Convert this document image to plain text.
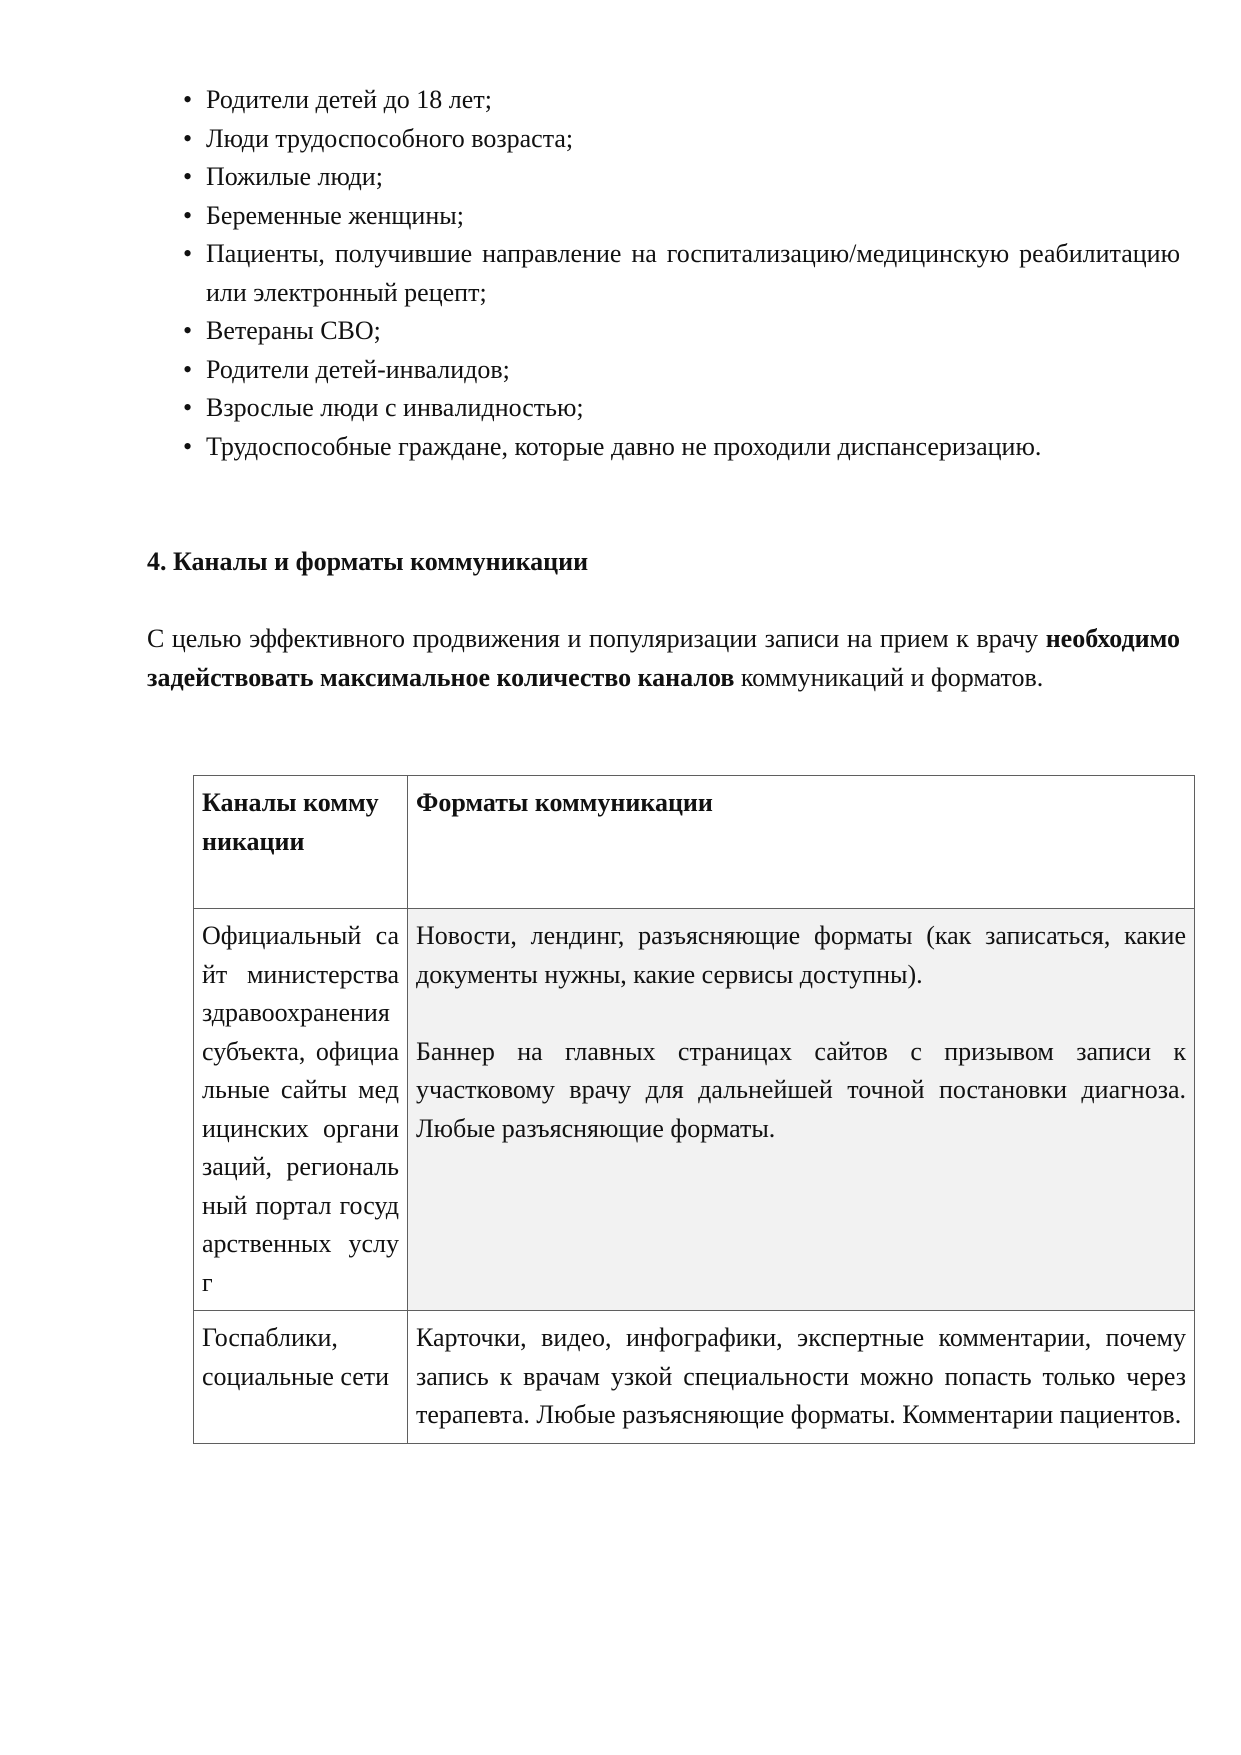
• Родители детей до 18 лет;
• Люди трудоспособного возраста;
• Пожилые люди;
• Беременные женщины;
• Пациенты, получившие направление на госпитализацию/медицинскую реабилитацию или электронный рецепт;
• Ветераны СВО;
• Родители детей-инвалидов;
• Взрослые люди с инвалидностью;
• Трудоспособные граждане, которые давно не проходили диспансеризацию.
4. Каналы и форматы коммуникации

С целью эффективного продвижения и популяризации записи на прием к врачу необходимо задействовать максимальное количество каналов коммуникаций и форматов.

Каналы коммуникации	Форматы коммуникации

Официальный сайт министерства здравоохранения субъекта, официальные сайты медицинских организаций, региональный портал государственных услуг	Новости, лендинг, разъясняющие форматы (как записаться, какие документы нужны, какие сервисы доступны).
Баннер на главных страницах сайтов с призывом записи к участковому врачу для дальнейшей точной постановки диагноза. Любые разъясняющие форматы.
Госпаблики, социальные сети	Карточки, видео, инфографики, экспертные комментарии, почему запись к врачам узкой специальности можно попасть только через терапевта. Любые разъясняющие форматы. Комментарии пациентов.
